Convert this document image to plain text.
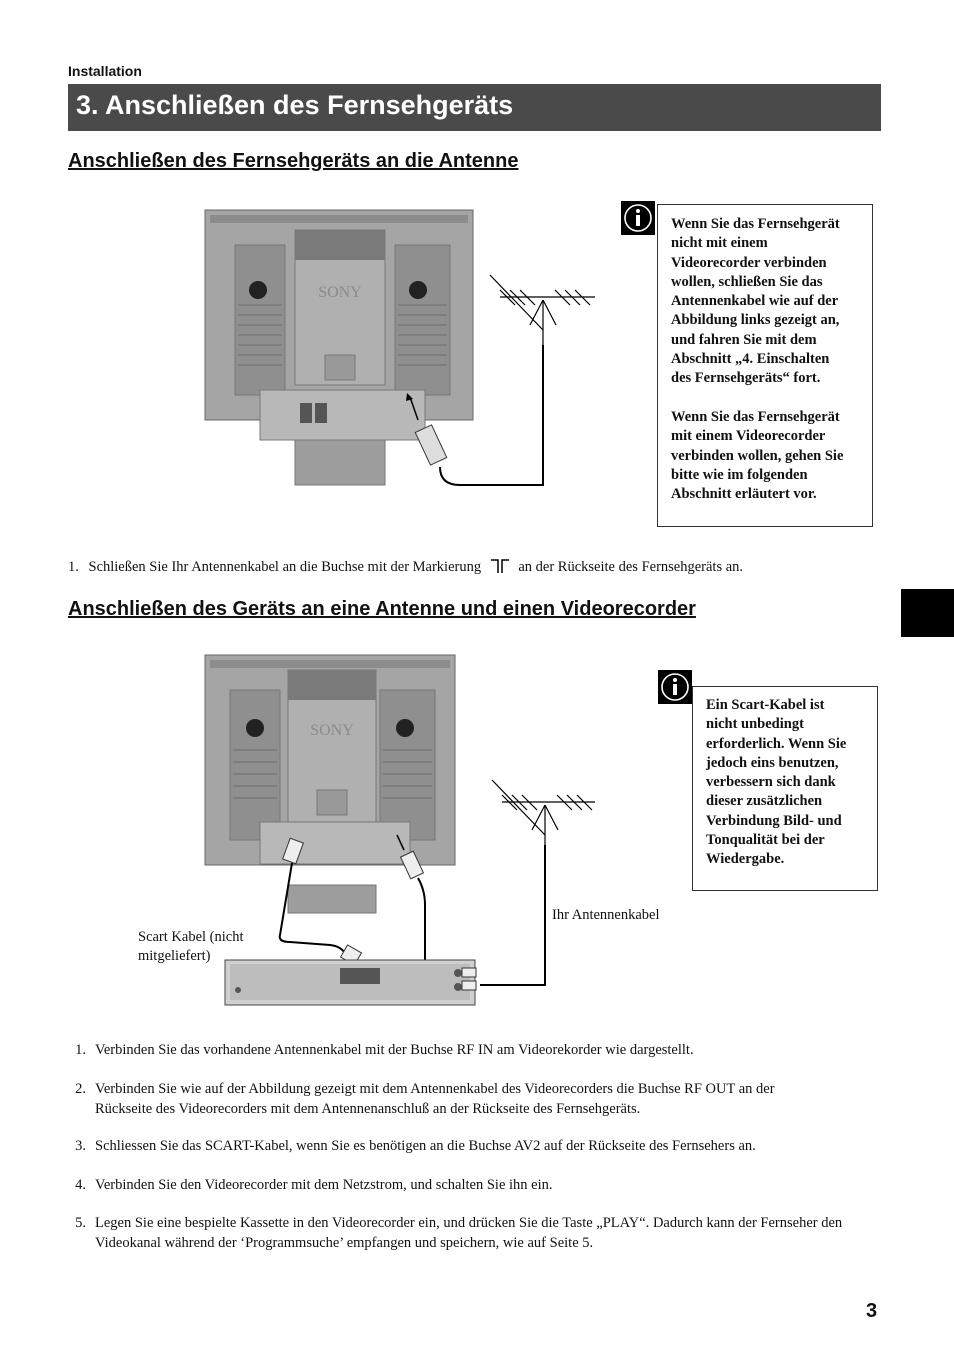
Installation
3. Anschließen des Fernsehgeräts
Anschließen des Fernsehgeräts an die Antenne
SONY
Wenn Sie das Fernsehgerät
nicht mit einem
Videorecorder verbinden
wollen, schließen Sie das
Antennenkabel wie auf der
Abbildung links gezeigt an,
und fahren Sie mit dem
Abschnitt „4. Einschalten
des Fernsehgeräts“ fort.

Wenn Sie das Fernsehgerät
mit einem Videorecorder
verbinden wollen, gehen Sie
bitte wie im folgenden
Abschnitt erläutert vor.
1. Schließen Sie Ihr Antennenkabel an die Buchse mit der Markierung	an der Rückseite des Fernsehgeräts an.
Anschließen des Geräts an eine Antenne und einen Videorecorder
SONY
Ihr Antennenkabel
Scart Kabel (nicht
mitgeliefert)
Ein Scart-Kabel ist
nicht unbedingt
erforderlich. Wenn Sie
jedoch eins benutzen,
verbessern sich dank
dieser zusätzlichen
Verbindung Bild- und
Tonqualität bei der
Wiedergabe.
1. Verbinden Sie das vorhandene Antennenkabel mit der Buchse RF IN am Videorekorder wie dargestellt.
2. Verbinden Sie wie auf der Abbildung gezeigt mit dem Antennenkabel des Videorecorders die Buchse RF OUT an der Rückseite des Videorecorders mit dem Antennenanschluß an der Rückseite des Fernsehgeräts.
3. Schliessen Sie das SCART-Kabel, wenn Sie es benötigen an die Buchse AV2 auf der Rückseite des Fernsehers an.
4. Verbinden Sie den Videorecorder mit dem Netzstrom, und schalten Sie ihn ein.
5. Legen Sie eine bespielte Kassette in den Videorecorder ein, und drücken Sie die Taste „PLAY“. Dadurch kann der Fernseher den Videokanal während der ‘Programmsuche’ empfangen und speichern, wie auf Seite 5.
3
